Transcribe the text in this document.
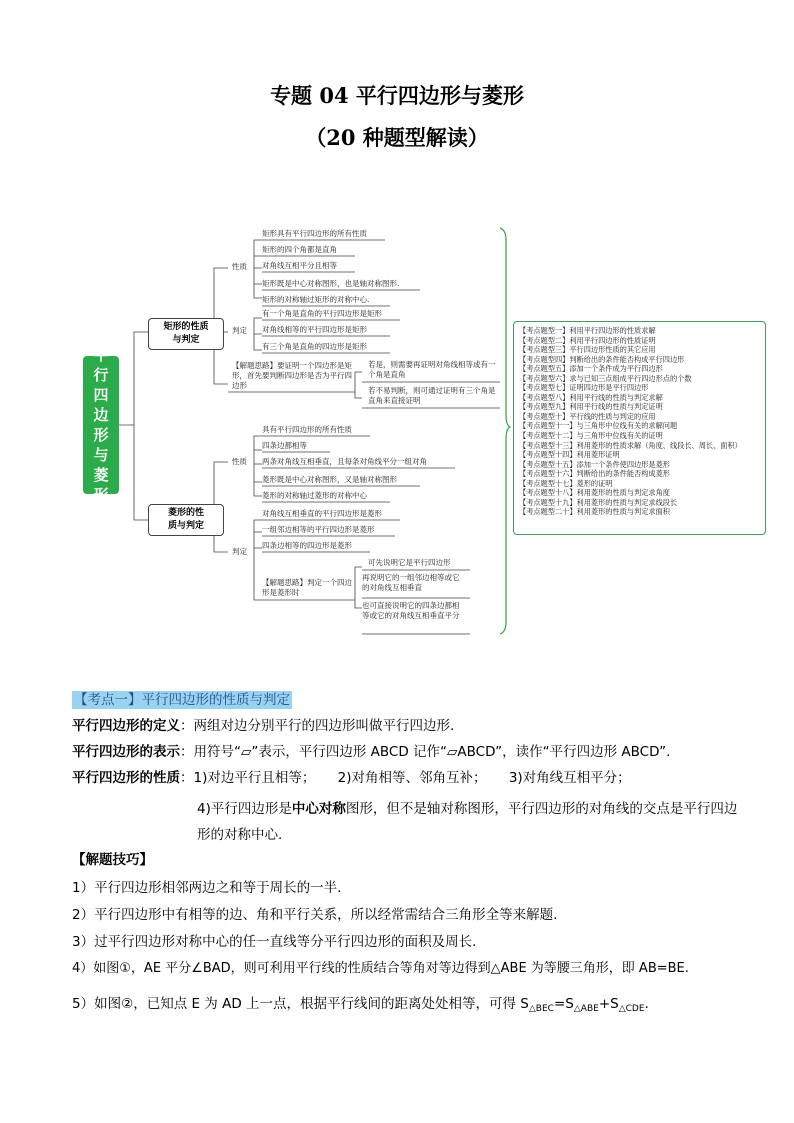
专题 04 平行四边形与菱形
（20 种题型解读）
平
行
四
边
形
与
菱
形
矩形的性质
与判定
菱形的性
质与判定
性质
判定
矩形具有平行四边形的所有性质
矩形的四个角都是直角
对角线互相平分且相等
矩形既是中心对称图形，也是轴对称图形.
矩形的对称轴过矩形的对称中心.
有一个角是直角的平行四边形是矩形
对角线相等的平行四边形是矩形
有三个角是直角的四边形是矩形
【解题思路】要证明一个四边形是矩形，首先要判断四边形是否为平行四边形
若是，则需要再证明对角线相等或有一个角是直角
若不易判断，则可通过证明有三个角是直角来直接证明
性质
判定
具有平行四边形的所有性质
四条边都相等
两条对角线互相垂直，且每条对角线平分一组对角
菱形既是中心对称图形，又是轴对称图形
菱形的对称轴过菱形的对称中心
对角线互相垂直的平行四边形是菱形
一组邻边相等的平行四边形是菱形
四条边相等的四边形是菱形
【解题思路】判定一个四边形是菱形时
可先说明它是平行四边形
再说明它的一组邻边相等或它的对角线互相垂直
也可直接说明它的四条边都相等或它的对角线互相垂直平分
【考点题型一】利用平行四边形的性质求解
【考点题型二】利用平行四边形的性质证明
【考点题型三】平行四边形性质的其它应用
【考点题型四】判断给出的条件能否构成平行四边形
【考点题型五】添加一个条件成为平行四边形
【考点题型六】求与已知三点组成平行四边形点的个数
【考点题型七】证明四边形是平行四边形
【考点题型八】利用平行线的性质与判定求解
【考点题型九】利用平行线的性质与判定证明
【考点题型十】平行线的性质与判定的应用
【考点题型十一】与三角形中位线有关的求解问题
【考点题型十二】与三角形中位线有关的证明
【考点题型十三】利用菱形的性质求解（角度、线段长、周长、面积）
【考点题型十四】利用菱形证明
【考点题型十五】添加一个条件使四边形是菱形
【考点题型十六】判断给出的条件能否构成菱形
【考点题型十七】菱形的证明
【考点题型十八】利用菱形的性质与判定求角度
【考点题型十九】利用菱形的性质与判定求线段长
【考点题型二十】利用菱形的性质与判定求面积
【考点一】平行四边形的性质与判定
平行四边形的定义：两组对边分别平行的四边形叫做平行四边形.
平行四边形的表示：用符号“▱”表示，平行四边形 ABCD 记作“▱ABCD”，读作“平行四边形 ABCD”.
平行四边形的性质：1)对边平行且相等； 2)对角相等、邻角互补； 3)对角线互相平分；
4)平行四边形是中心对称图形，但不是轴对称图形，平行四边形的对角线的交点是平行四边
形的对称中心.
【解题技巧】
1）平行四边形相邻两边之和等于周长的一半.
2）平行四边形中有相等的边、角和平行关系，所以经常需结合三角形全等来解题.
3）过平行四边形对称中心的任一直线等分平行四边形的面积及周长.
4）如图①，AE 平分∠BAD，则可利用平行线的性质结合等角对等边得到△ABE 为等腰三角形，即 AB=BE.
5）如图②，已知点 E 为 AD 上一点，根据平行线间的距离处处相等，可得 $S_{\triangle BEC}=S_{\triangle ABE}+S_{\triangle CDE}$.
